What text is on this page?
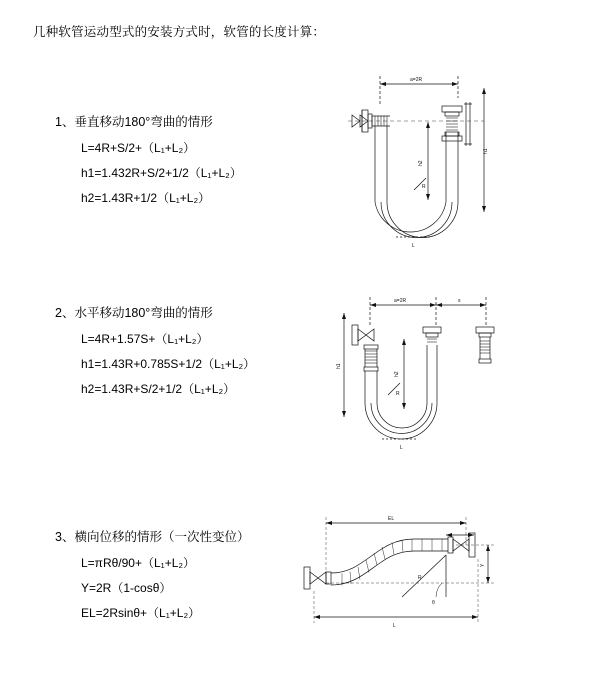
几种软管运动型式的安装方式时，软管的长度计算：
1、垂直移动180°弯曲的情形
L=4R+S/2+（L₁+L₂）
h1=1.432R+S/2+1/2（L₁+L₂）
h2=1.43R+1/2（L₁+L₂）
a=2R
h1
h2
R
L
2、水平移动180°弯曲的情形
L=4R+1.57S+（L₁+L₂）
h1=1.43R+0.785S+1/2（L₁+L₂）
h2=1.43R+S/2+1/2（L₁+L₂）
a=2R	s
h1
h2
R
L
3、横向位移的情形（一次性变位）
L=πRθ/90+（L₁+L₂）
Y=2R（1-cosθ）
EL=2Rsinθ+（L₁+L₂）
EL
Y
θ
R
L
